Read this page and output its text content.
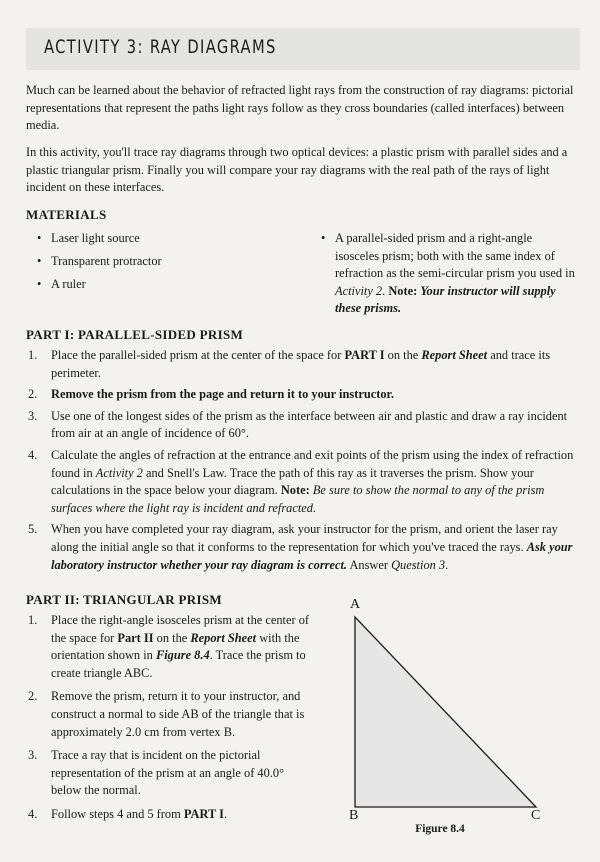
ACTIVITY 3: RAY DIAGRAMS

Much can be learned about the behavior of refracted light rays from the construction of ray diagrams: pictorial representations that represent the paths light rays follow as they cross boundaries (called interfaces) between media.

In this activity, you'll trace ray diagrams through two optical devices: a plastic prism with parallel sides and a plastic triangular prism. Finally you will compare your ray diagrams with the real path of the rays of light incident on these interfaces.

MATERIALS
• Laser light source
• Transparent protractor
• A ruler
• A parallel-sided prism and a right-angle isosceles prism; both with the same index of refraction as the semi-circular prism you used in Activity 2. Note: Your instructor will supply these prisms.
PART I: PARALLEL-SIDED PRISM
1. Place the parallel-sided prism at the center of the space for PART I on the Report Sheet and trace its perimeter.
2. Remove the prism from the page and return it to your instructor.
3. Use one of the longest sides of the prism as the interface between air and plastic and draw a ray incident from air at an angle of incidence of 60°.
4. Calculate the angles of refraction at the entrance and exit points of the prism using the index of refraction found in Activity 2 and Snell's Law. Trace the path of this ray as it traverses the prism. Show your calculations in the space below your diagram. Note: Be sure to show the normal to any of the prism surfaces where the light ray is incident and refracted.
5. When you have completed your ray diagram, ask your instructor for the prism, and orient the laser ray along the initial angle so that it conforms to the representation for which you've traced the rays. Ask your laboratory instructor whether your ray diagram is correct. Answer Question 3.
PART II: TRIANGULAR PRISM
1. Place the right-angle isosceles prism at the center of the space for Part II on the Report Sheet with the orientation shown in Figure 8.4. Trace the prism to create triangle ABC.
2. Remove the prism, return it to your instructor, and construct a normal to side AB of the triangle that is approximately 2.0 cm from vertex B.
3. Trace a ray that is incident on the pictorial representation of the prism at an angle of 40.0° below the normal.
4. Follow steps 4 and 5 from PART I.
A
B	C
Figure 8.4
